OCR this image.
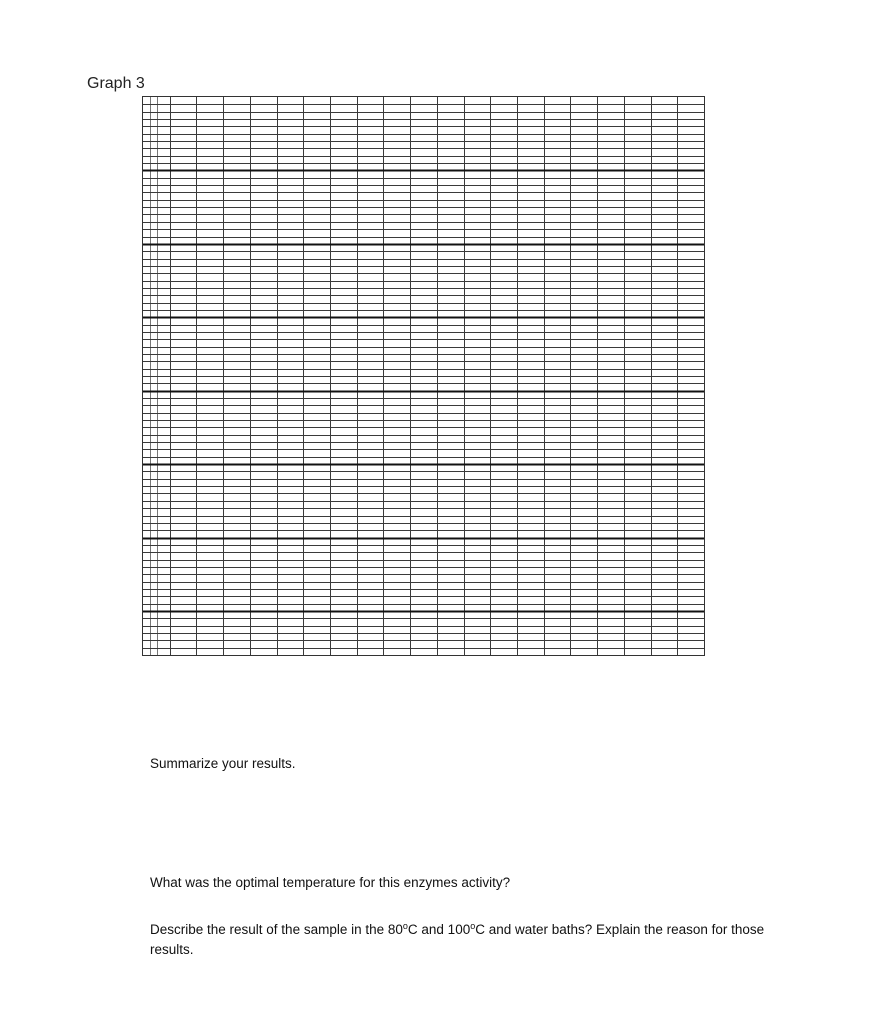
Graph 3
Summarize your results.
What was the optimal temperature for this enzymes activity?
Describe the result of the sample in the 80$^o$C and 100$^o$C and water baths? Explain the reason for those results.
